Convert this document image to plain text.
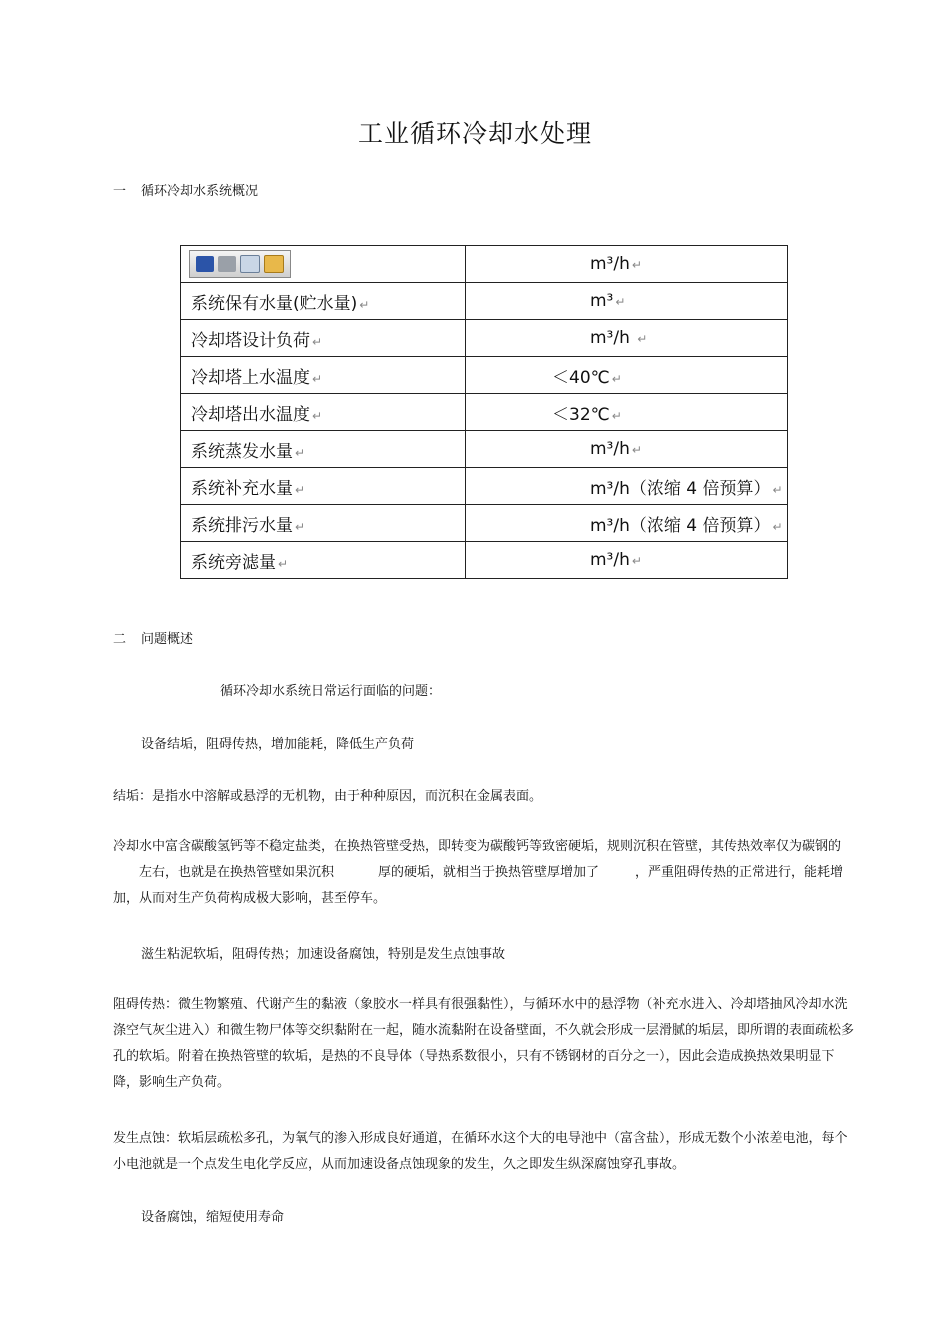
工业循环冷却水处理
一 循环冷却水系统概况
	m³/h ↵
系统保有水量(贮水量) ↵	m³ ↵
冷却塔设计负荷 ↵	m³/h ↵
冷却塔上水温度 ↵	＜40℃ ↵
冷却塔出水温度 ↵	＜32℃ ↵
系统蒸发水量 ↵	m³/h ↵
系统补充水量 ↵	m³/h（浓缩 4 倍预算） ↵
系统排污水量 ↵	m³/h（浓缩 4 倍预算） ↵
系统旁滤量 ↵	m³/h ↵
二 问题概述
循环冷却水系统日常运行面临的问题：
设备结垢，阻碍传热，增加能耗，降低生产负荷
结垢：是指水中溶解或悬浮的无机物，由于种种原因，而沉积在金属表面。
冷却水中富含碳酸氢钙等不稳定盐类，在换热管壁受热，即转变为碳酸钙等致密硬垢，规则沉积在管壁，其传热效率仅为碳钢的左右，也就是在换热管壁如果沉积	厚的硬垢，就相当于换热管壁厚增加了	，严重阻碍传热的正常进行，能耗增加，从而对生产负荷构成极大影响，甚至停车。
滋生粘泥软垢，阻碍传热；加速设备腐蚀，特别是发生点蚀事故
阻碍传热：微生物繁殖、代谢产生的黏液（象胶水一样具有很强黏性），与循环水中的悬浮物（补充水进入、冷却塔抽风冷却水洗涤空气灰尘进入）和微生物尸体等交织黏附在一起，随水流黏附在设备壁面，不久就会形成一层滑腻的垢层，即所谓的表面疏松多孔的软垢。附着在换热管壁的软垢，是热的不良导体（导热系数很小，只有不锈钢材的百分之一），因此会造成换热效果明显下降，影响生产负荷。
发生点蚀：软垢层疏松多孔，为氧气的渗入形成良好通道，在循环水这个大的电导池中（富含盐），形成无数个小浓差电池，每个小电池就是一个点发生电化学反应，从而加速设备点蚀现象的发生，久之即发生纵深腐蚀穿孔事故。
设备腐蚀，缩短使用寿命
